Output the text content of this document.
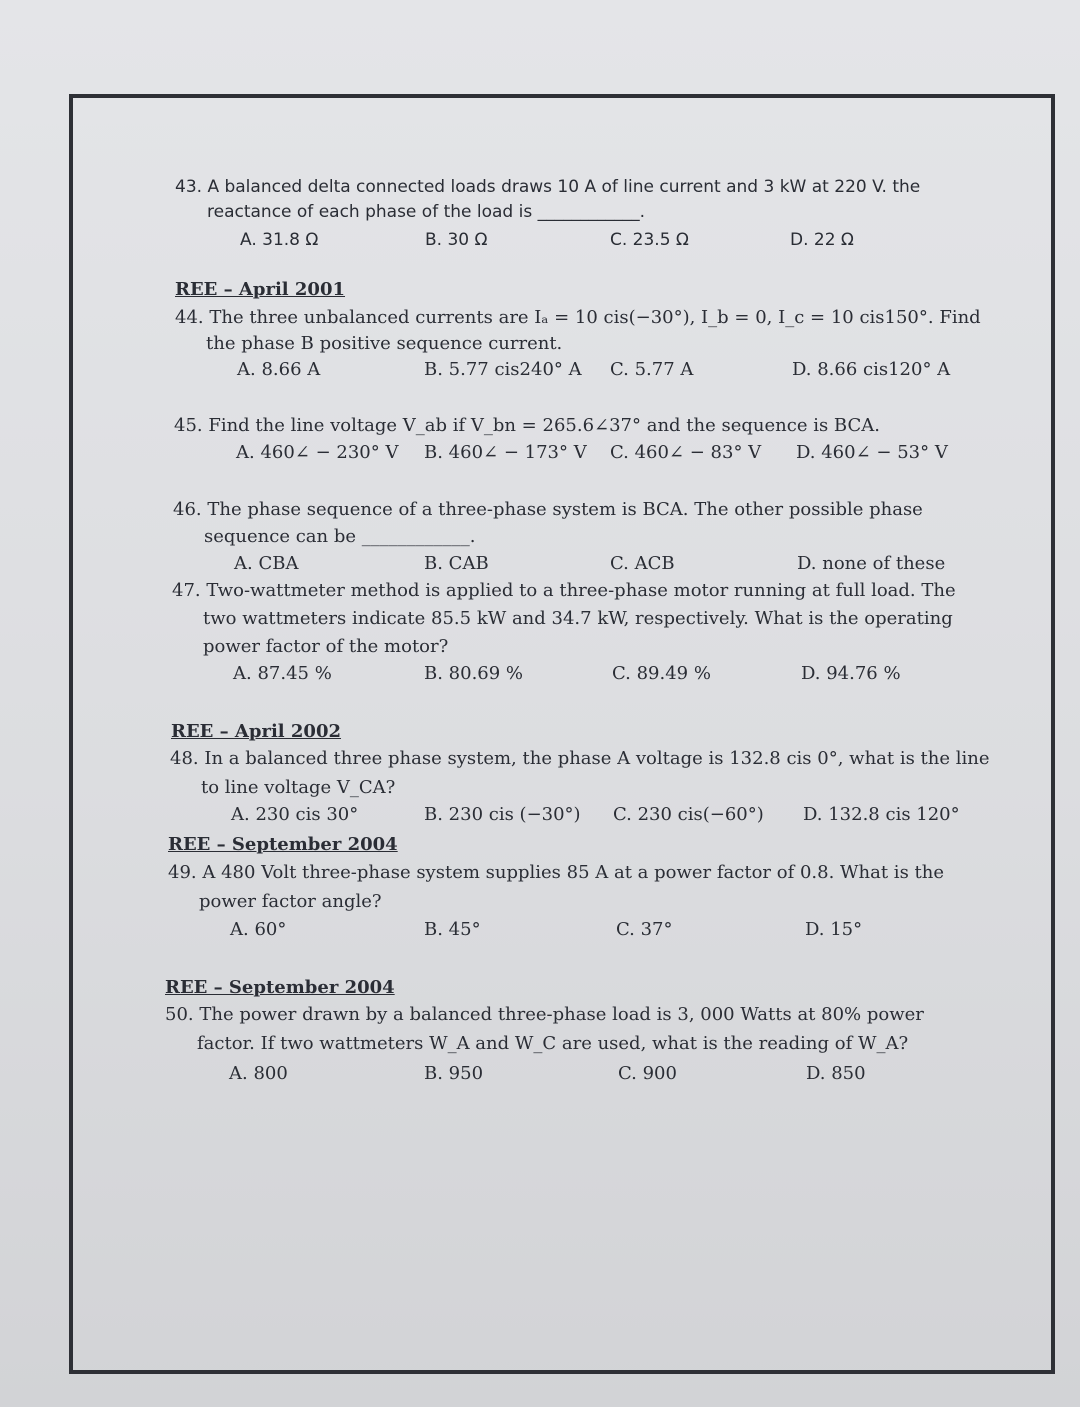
43. A balanced delta connected loads draws 10 A of line current and 3 kW at 220 V. the
reactance of each phase of the load is ____________.
A. 31.8 Ω	B. 30 Ω	C. 23.5 Ω	D. 22 Ω
REE – April 2001
44. The three unbalanced currents are Iₐ = 10 cis(−30°), I_b = 0, I_c = 10 cis150°. Find
the phase B positive sequence current.
A. 8.66 A	B. 5.77 cis240° A C. 5.77 A	D. 8.66 cis120° A
45. Find the line voltage V_ab if V_bn = 265.6∠37° and the sequence is BCA.
A. 460∠ − 230° V B. 460∠ − 173° V C. 460∠ − 83° V D. 460∠ − 53° V
46. The phase sequence of a three-phase system is BCA. The other possible phase
sequence can be ____________.
A. CBA	B. CAB	C. ACB	D. none of these
47. Two-wattmeter method is applied to a three-phase motor running at full load. The
two wattmeters indicate 85.5 kW and 34.7 kW, respectively. What is the operating
power factor of the motor?
A. 87.45 %	B. 80.69 %	C. 89.49 %	D. 94.76 %
REE – April 2002
48. In a balanced three phase system, the phase A voltage is 132.8 cis 0°, what is the line
to line voltage V_CA?
A. 230 cis 30°	B. 230 cis (−30°) C. 230 cis(−60°) D. 132.8 cis 120°
REE – September 2004
49. A 480 Volt three-phase system supplies 85 A at a power factor of 0.8. What is the
power factor angle?
A. 60°	B. 45°	C. 37°	D. 15°
REE – September 2004
50. The power drawn by a balanced three-phase load is 3, 000 Watts at 80% power
factor. If two wattmeters W_A and W_C are used, what is the reading of W_A?
A. 800	B. 950	C. 900	D. 850
